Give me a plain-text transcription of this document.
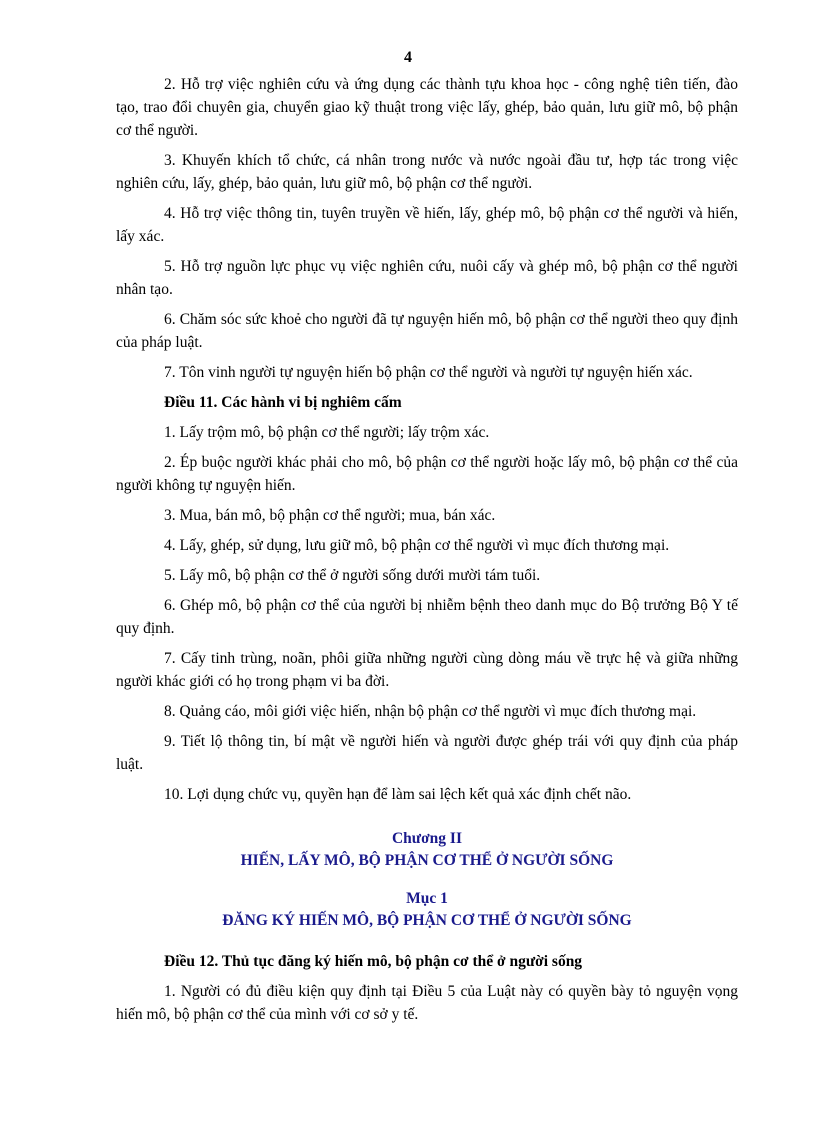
4

2. Hỗ trợ việc nghiên cứu và ứng dụng các thành tựu khoa học - công nghệ tiên tiến, đào tạo, trao đổi chuyên gia, chuyển giao kỹ thuật trong việc lấy, ghép, bảo quản, lưu giữ mô, bộ phận cơ thể người.

3. Khuyến khích tổ chức, cá nhân trong nước và nước ngoài đầu tư, hợp tác trong việc nghiên cứu, lấy, ghép, bảo quản, lưu giữ mô, bộ phận cơ thể người.

4. Hỗ trợ việc thông tin, tuyên truyền về hiến, lấy, ghép mô, bộ phận cơ thể người và hiến, lấy xác.

5. Hỗ trợ nguồn lực phục vụ việc nghiên cứu, nuôi cấy và ghép mô, bộ phận cơ thể người nhân tạo.

6. Chăm sóc sức khoẻ cho người đã tự nguyện hiến mô, bộ phận cơ thể người theo quy định của pháp luật.

7. Tôn vinh người tự nguyện hiến bộ phận cơ thể người và người tự nguyện hiến xác.

Điều 11. Các hành vi bị nghiêm cấm

1. Lấy trộm mô, bộ phận cơ thể người; lấy trộm xác.

2. Ép buộc người khác phải cho mô, bộ phận cơ thể người hoặc lấy mô, bộ phận cơ thể của người không tự nguyện hiến.

3. Mua, bán mô, bộ phận cơ thể người; mua, bán xác.

4. Lấy, ghép, sử dụng, lưu giữ mô, bộ phận cơ thể người vì mục đích thương mại.

5. Lấy mô, bộ phận cơ thể ở người sống dưới mười tám tuổi.

6. Ghép mô, bộ phận cơ thể của người bị nhiễm bệnh theo danh mục do Bộ trưởng Bộ Y tế quy định.

7. Cấy tinh trùng, noãn, phôi giữa những người cùng dòng máu về trực hệ và giữa những người khác giới có họ trong phạm vi ba đời.

8. Quảng cáo, môi giới việc hiến, nhận bộ phận cơ thể người vì mục đích thương mại.

9. Tiết lộ thông tin, bí mật về người hiến và người được ghép trái với quy định của pháp luật.

10. Lợi dụng chức vụ, quyền hạn để làm sai lệch kết quả xác định chết não.

Chương II

HIẾN, LẤY MÔ, BỘ PHẬN CƠ THỂ Ở NGƯỜI SỐNG

Mục 1

ĐĂNG KÝ HIẾN MÔ, BỘ PHẬN CƠ THỂ Ở NGƯỜI SỐNG

Điều 12. Thủ tục đăng ký hiến mô, bộ phận cơ thể ở người sống

1. Người có đủ điều kiện quy định tại Điều 5 của Luật này có quyền bày tỏ nguyện vọng hiến mô, bộ phận cơ thể của mình với cơ sở y tế.
